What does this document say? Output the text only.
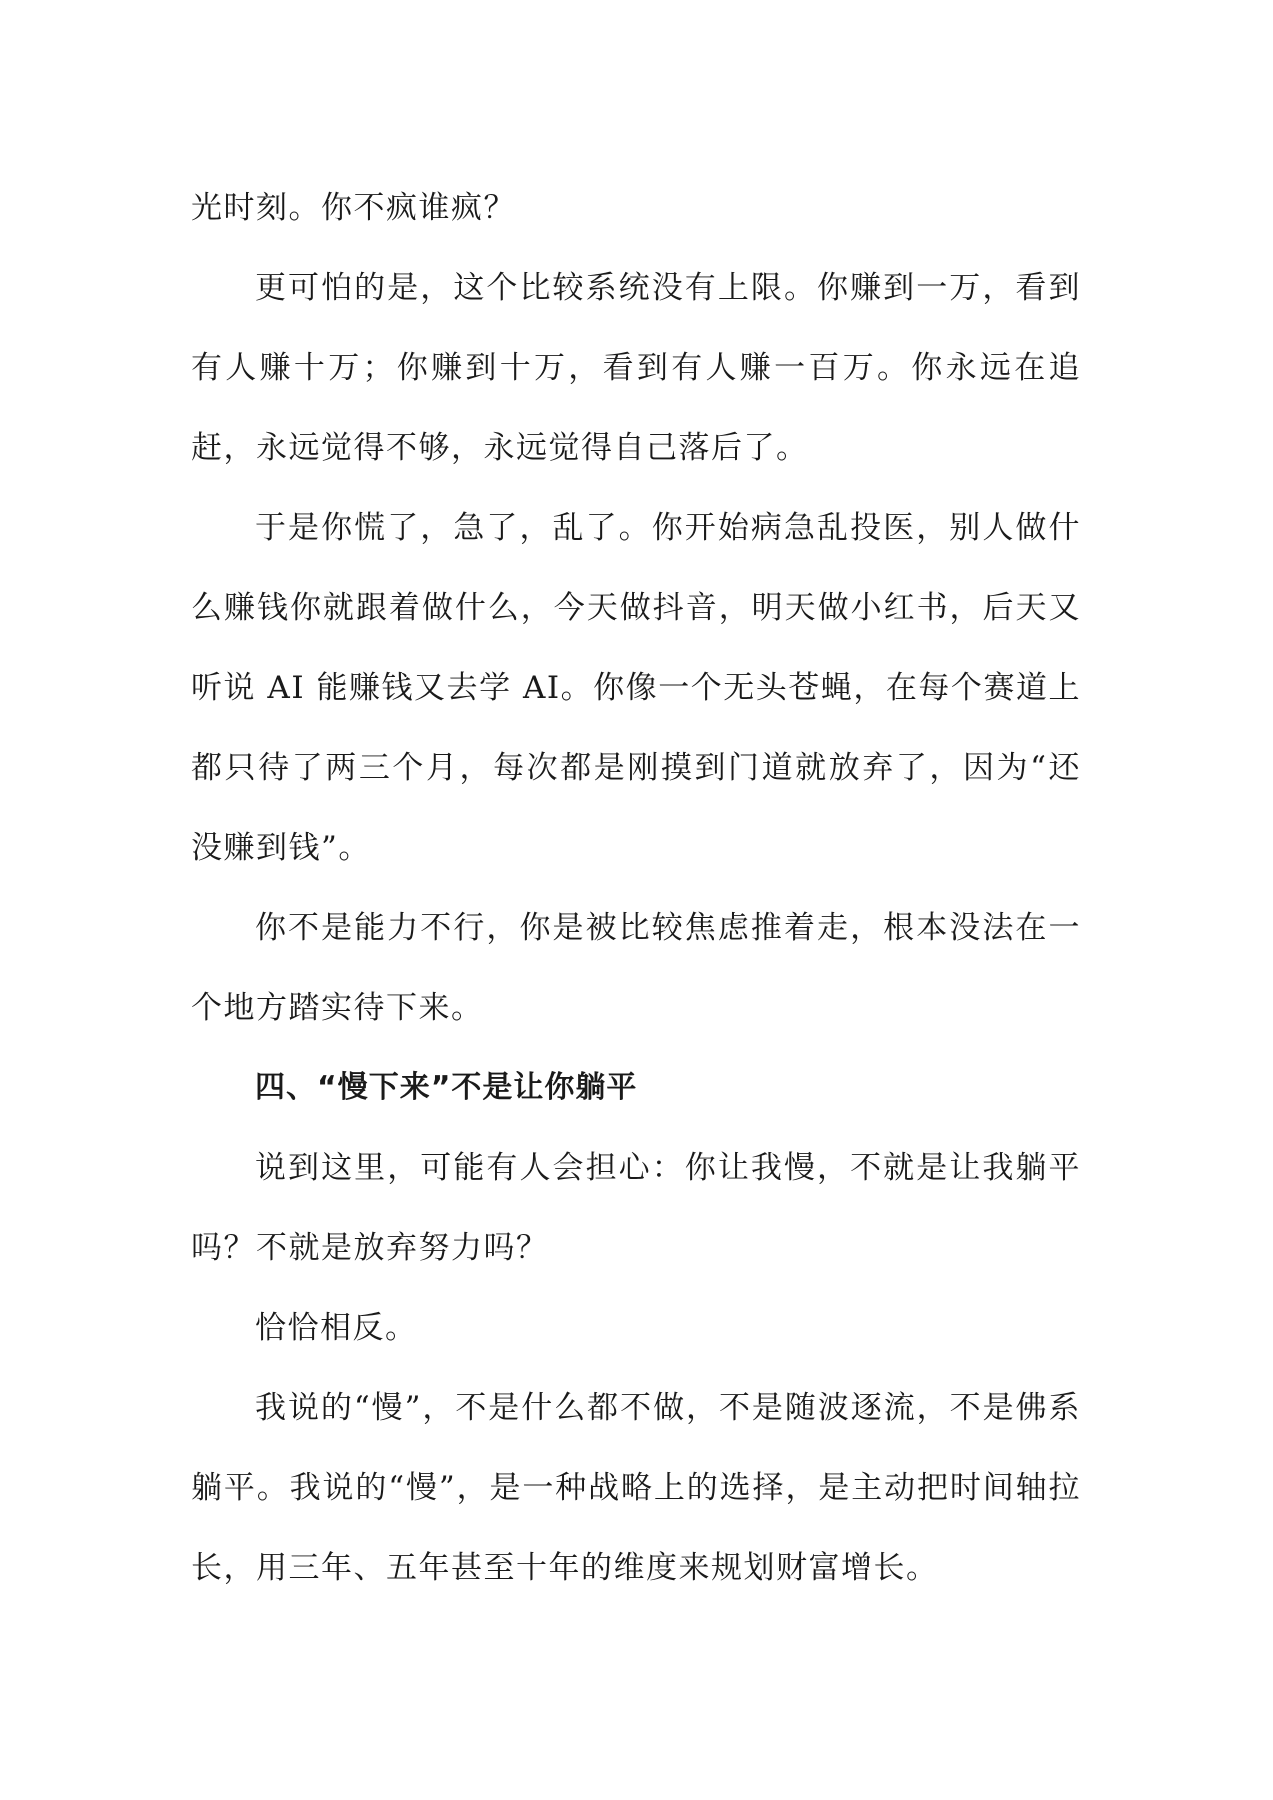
光时刻。你不疯谁疯？

更可怕的是，这个比较系统没有上限。你赚到一万，看到有人赚十万；你赚到十万，看到有人赚一百万。你永远在追赶，永远觉得不够，永远觉得自己落后了。

于是你慌了，急了，乱了。你开始病急乱投医，别人做什么赚钱你就跟着做什么，今天做抖音，明天做小红书，后天又听说 AI 能赚钱又去学 AI。你像一个无头苍蝇，在每个赛道上都只待了两三个月，每次都是刚摸到门道就放弃了，因为“还没赚到钱”。

你不是能力不行，你是被比较焦虑推着走，根本没法在一个地方踏实待下来。

四、“慢下来”不是让你躺平

说到这里，可能有人会担心：你让我慢，不就是让我躺平吗？不就是放弃努力吗？

恰恰相反。

我说的“慢”，不是什么都不做，不是随波逐流，不是佛系躺平。我说的“慢”，是一种战略上的选择，是主动把时间轴拉长，用三年、五年甚至十年的维度来规划财富增长。
